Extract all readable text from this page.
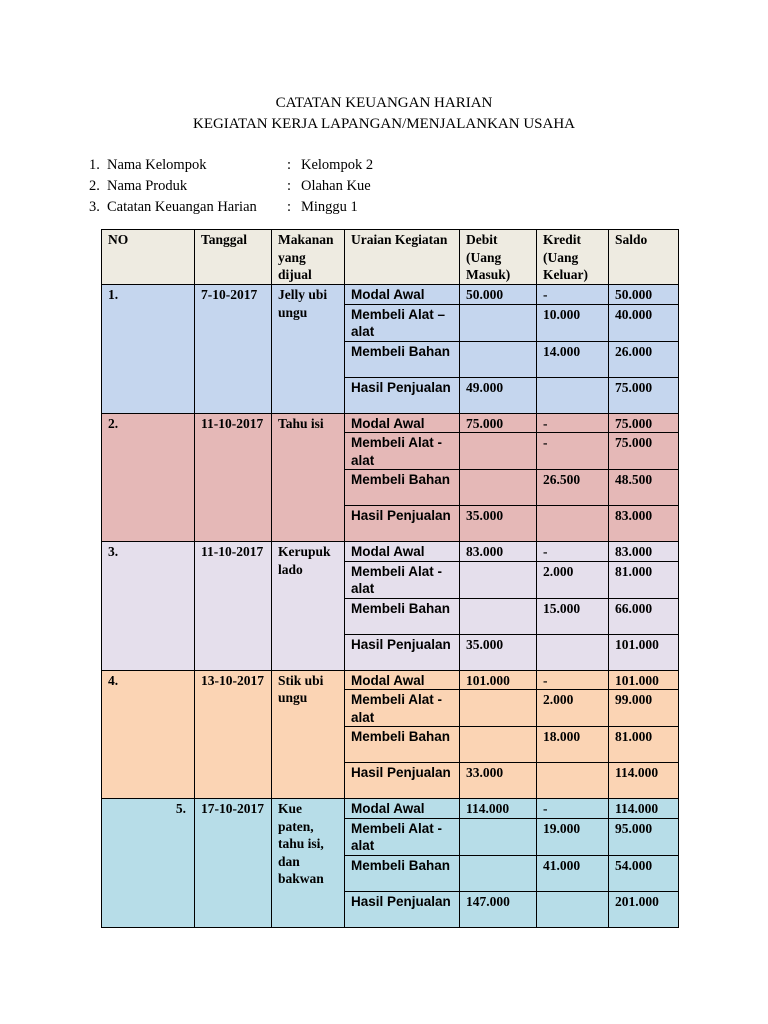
CATATAN KEUANGAN HARIAN
KEGIATAN KERJA LAPANGAN/MENJALANKAN USAHA
1. Nama Kelompok	: Kelompok 2
2. Nama Produk	: Olahan Kue
3. Catatan Keuangan Harian	: Minggu 1
NO	Tanggal	Makanan yang dijual	Uraian Kegiatan	Debit (Uang Masuk)	Kredit (Uang Keluar)	Saldo
1.	7-10-2017	Jelly ubi ungu	Modal Awal	50.000	-	50.000
			Membeli Alat – alat		10.000	40.000
			Membeli Bahan		14.000	26.000
			Hasil Penjualan	49.000		75.000
2.	11-10-2017	Tahu isi	Modal Awal	75.000	-	75.000
			Membeli Alat - alat		-	75.000
			Membeli Bahan		26.500	48.500
			Hasil Penjualan	35.000		83.000
3.	11-10-2017	Kerupuk lado	Modal Awal	83.000	-	83.000
			Membeli Alat - alat		2.000	81.000
			Membeli Bahan		15.000	66.000
			Hasil Penjualan	35.000		101.000
4.	13-10-2017	Stik ubi ungu	Modal Awal	101.000	-	101.000
			Membeli Alat - alat		2.000	99.000
			Membeli Bahan		18.000	81.000
			Hasil Penjualan	33.000		114.000
5.	17-10-2017	Kue paten, tahu isi, dan bakwan	Modal Awal	114.000	-	114.000
			Membeli Alat - alat		19.000	95.000
			Membeli Bahan		41.000	54.000
			Hasil Penjualan	147.000		201.000
